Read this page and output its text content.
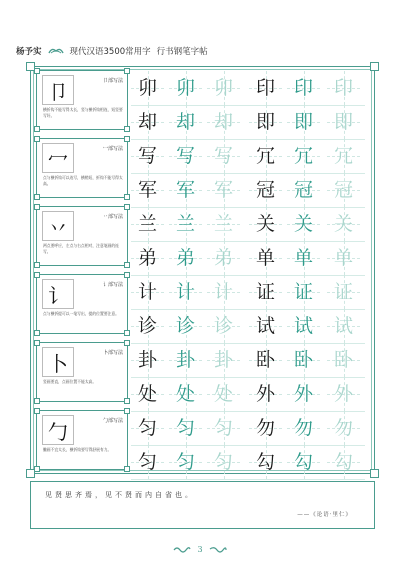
杨予实	现代汉语3500常用字 行书钢笔字帖
卩	卩部写法
横折钩不能写得太长，竖与横折钩相连，短竖要写好。
冖	冖部写法
点与横折钩可以连写，横稍短，折钩不能写得太高。
丷	丷部写法
两点要呼应，左点与右点相对，注意笔画的连写。
讠	讠部写法
点与横折提可以一笔写出，提的位置要注意。
卜	卜部写法
竖画要直，点画位置不能太高。
勹	勹部写法
撇画不宜太长，横折钩要写得舒展有力。
卯 卯 卯 印 印 印
却 却 却 即 即 即
写 写 写 冗 冗 冗
军 军 军 冠 冠 冠
兰 兰 兰 关 关 关
弟 弟 弟 单 单 单
计 计 计 证 证 证
诊 诊 诊 试 试 试
卦 卦 卦 卧 卧 卧
处 处 处 外 外 外
匀 匀 匀 勿 勿 勿
匀 匀 匀 勾 勾 勾
见贤思齐焉，见不贤而内自省也。
——《论语·里仁》
3
